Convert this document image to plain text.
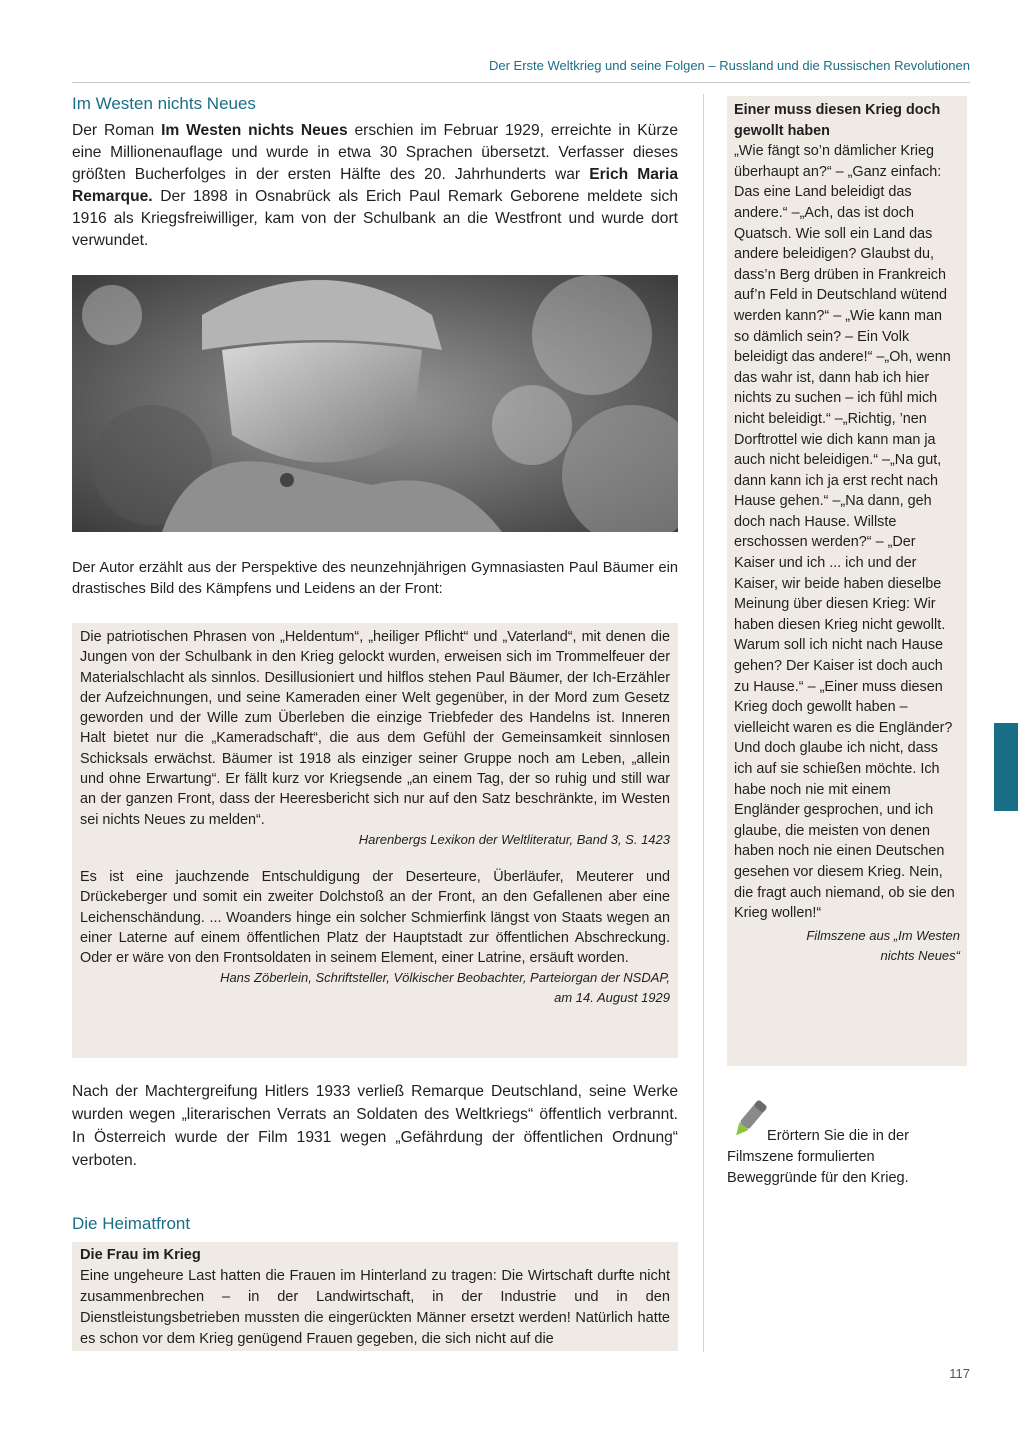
Der Erste Weltkrieg und seine Folgen – Russland und die Russischen Revolutionen
Im Westen nichts Neues

Der Roman Im Westen nichts Neues erschien im Februar 1929, erreichte in Kürze eine Millionenauflage und wurde in etwa 30 Sprachen übersetzt. Verfasser dieses größten Bucherfolges in der ersten Hälfte des 20. Jahrhunderts war Erich Maria Remarque. Der 1898 in Osnabrück als Erich Paul Remark Geborene meldete sich 1916 als Kriegsfreiwilliger, kam von der Schulbank an die Westfront und wurde dort verwundet.

Der Autor erzählt aus der Perspektive des neunzehnjährigen Gymnasiasten Paul Bäumer ein drastisches Bild des Kämpfens und Leidens an der Front:

Die patriotischen Phrasen von „Heldentum“, „heiliger Pflicht“ und „Vaterland“, mit denen die Jungen von der Schulbank in den Krieg gelockt wurden, erweisen sich im Trommelfeuer der Materialschlacht als sinnlos. Desillusioniert und hilflos stehen Paul Bäumer, der Ich-Erzähler der Aufzeichnungen, und seine Kameraden einer Welt gegenüber, in der Mord zum Gesetz geworden und der Wille zum Überleben die einzige Triebfeder des Handelns ist. Inneren Halt bietet nur die „Kameradschaft“, die aus dem Gefühl der Gemeinsamkeit sinnlosen Schicksals erwächst. Bäumer ist 1918 als einziger seiner Gruppe noch am Leben, „allein und ohne Erwartung“. Er fällt kurz vor Kriegsende „an einem Tag, der so ruhig und still war an der ganzen Front, dass der Heeresbericht sich nur auf den Satz beschränkte, im Westen sei nichts Neues zu melden“.

Harenbergs Lexikon der Weltliteratur, Band 3, S. 1423

Es ist eine jauchzende Entschuldigung der Deserteure, Überläufer, Meuterer und Drückeberger und somit ein zweiter Dolchstoß an der Front, an den Gefallenen aber eine Leichenschändung. ... Woanders hinge ein solcher Schmierfink längst von Staats wegen an einer Laterne auf einem öffentlichen Platz der Hauptstadt zur öffentlichen Abschreckung. Oder er wäre von den Frontsoldaten in seinem Element, einer Latrine, ersäuft worden.

Hans Zöberlein, Schriftsteller, Völkischer Beobachter, Parteiorgan der NSDAP,
am 14. August 1929

Nach der Machtergreifung Hitlers 1933 verließ Remarque Deutschland, seine Werke wurden wegen „literarischen Verrats an Soldaten des Weltkriegs“ öffentlich verbrannt. In Österreich wurde der Film 1931 wegen „Gefährdung der öffentlichen Ordnung“ verboten.

Einer muss diesen Krieg doch gewollt haben
„Wie fängt so’n dämlicher Krieg überhaupt an?“ – „Ganz einfach: Das eine Land beleidigt das andere.“ –„Ach, das ist doch Quatsch. Wie soll ein Land das andere beleidigen? Glaubst du, dass’n Berg drüben in Frankreich auf’n Feld in Deutschland wütend werden kann?“ – „Wie kann man so dämlich sein? – Ein Volk beleidigt das andere!“ –„Oh, wenn das wahr ist, dann hab ich hier nichts zu suchen – ich fühl mich nicht beleidigt.“ –„Richtig, ’nen Dorftrottel wie dich kann man ja auch nicht beleidigen.“ –„Na gut, dann kann ich ja erst recht nach Hause gehen.“ –„Na dann, geh doch nach Hause. Willste erschossen werden?“ – „Der Kaiser und ich ... ich und der Kaiser, wir beide haben dieselbe Meinung über diesen Krieg: Wir haben diesen Krieg nicht gewollt. Warum soll ich nicht nach Hause gehen? Der Kaiser ist doch auch zu Hause.“ – „Einer muss diesen Krieg doch gewollt haben – vielleicht waren es die Engländer? Und doch glaube ich nicht, dass ich auf sie schießen möchte. Ich habe noch nie mit einem Engländer gesprochen, und ich glaube, die meisten von denen haben noch nie einen Deutschen gesehen vor diesem Krieg. Nein, die fragt auch niemand, ob sie den Krieg wollen!“
Filmszene aus „Im Westen
nichts Neues“
Erörtern Sie die in der Filmszene formulierten Beweggründe für den Krieg.
Die Heimatfront
Die Frau im Krieg
Eine ungeheure Last hatten die Frauen im Hinterland zu tragen: Die Wirtschaft durfte nicht zusammenbrechen – in der Landwirtschaft, in der Industrie und in den Dienstleistungsbetrieben mussten die eingerückten Männer ersetzt werden! Natürlich hatte es schon vor dem Krieg genügend Frauen gegeben, die sich nicht auf die
117
